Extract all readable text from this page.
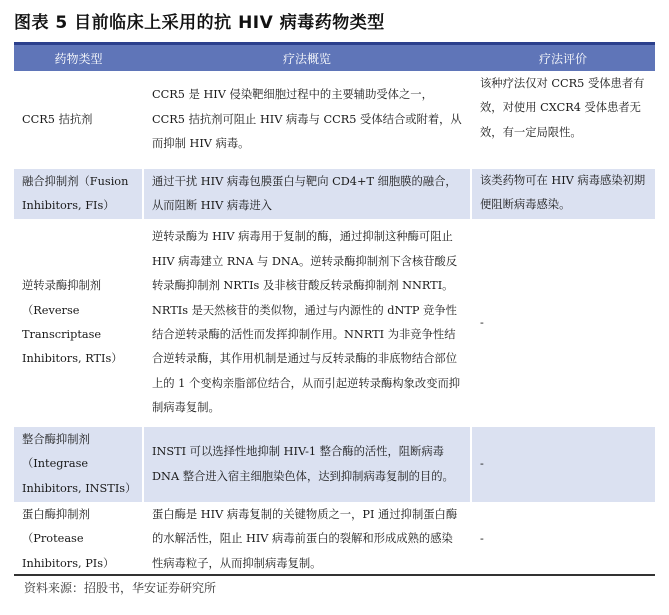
图表 5 目前临床上采用的抗 HIV 病毒药物类型
药物类型	疗法概览	疗法评价
CCR5 拮抗剂	CCR5 是 HIV 侵染靶细胞过程中的主要辅助受体之一，CCR5 拮抗剂可阻止 HIV 病毒与 CCR5 受体结合或附着，从而抑制 HIV 病毒。	该种疗法仅对 CCR5 受体患者有效，对使用 CXCR4 受体患者无效，有一定局限性。
融合抑制剂（Fusion Inhibitors, FIs）	通过干扰 HIV 病毒包膜蛋白与靶向 CD4+T 细胞膜的融合，从而阻断 HIV 病毒进入	该类药物可在 HIV 病毒感染初期便阻断病毒感染。
逆转录酶抑制剂（Reverse Transcriptase Inhibitors, RTIs）	逆转录酶为 HIV 病毒用于复制的酶，通过抑制这种酶可阻止 HIV 病毒建立 RNA 与 DNA。逆转录酶抑制剂下含核苷酸反转录酶抑制剂 NRTIs 及非核苷酸反转录酶抑制剂 NNRTI。NRTIs 是天然核苷的类似物，通过与内源性的 dNTP 竞争性结合逆转录酶的活性而发挥抑制作用。NNRTI 为非竞争性结合逆转录酶，其作用机制是通过与反转录酶的非底物结合部位上的 1 个变构亲脂部位结合，从而引起逆转录酶构象改变而抑制病毒复制。	-
整合酶抑制剂（Integrase Inhibitors, INSTIs）	INSTI 可以选择性地抑制 HIV-1 整合酶的活性，阻断病毒 DNA 整合进入宿主细胞染色体，达到抑制病毒复制的目的。	-
蛋白酶抑制剂（Protease Inhibitors, PIs）	蛋白酶是 HIV 病毒复制的关键物质之一，PI 通过抑制蛋白酶的水解活性，阻止 HIV 病毒前蛋白的裂解和形成成熟的感染性病毒粒子，从而抑制病毒复制。	-
资料来源：招股书，华安证券研究所
